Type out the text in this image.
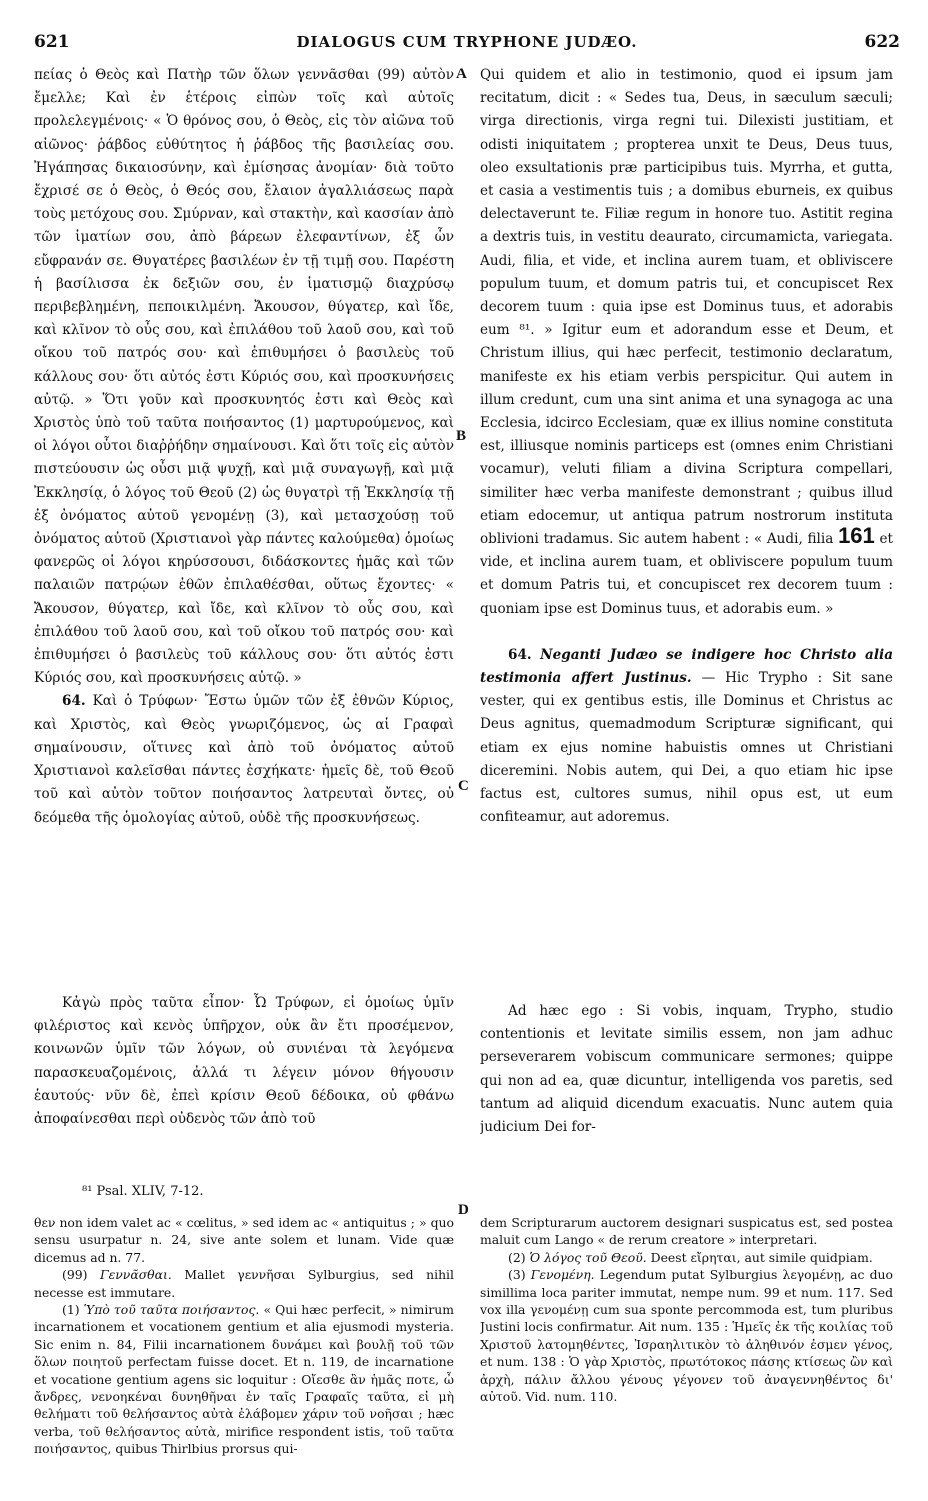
621	DIALOGUS CUM TRYPHONE JUDÆO.	622
A
B
C
D

πείας ὁ Θεὸς καὶ Πατὴρ τῶν ὅλων γεννᾶσθαι (99) αὐτὸν ἔμελλε; Καὶ ἐν ἑτέροις εἰπὼν τοῖς καὶ αὐτοῖς προλελεγμένοις· « Ὁ θρόνος σου, ὁ Θεὸς, εἰς τὸν αἰῶνα τοῦ αἰῶνος· ῥάβδος εὐθύτητος ἡ ῥάβδος τῆς βασιλείας σου. Ἠγάπησας δικαιοσύνην, καὶ ἐμίσησας ἀνομίαν· διὰ τοῦτο ἔχρισέ σε ὁ Θεὸς, ὁ Θεός σου, ἔλαιον ἀγαλλιάσεως παρὰ τοὺς μετόχους σου. Σμύρναν, καὶ στακτὴν, καὶ κασσίαν ἀπὸ τῶν ἱματίων σου, ἀπὸ βάρεων ἐλεφαντίνων, ἐξ ὧν εὔφρανάν σε. Θυγατέρες βασιλέων ἐν τῇ τιμῇ σου. Παρέστη ἡ βασίλισσα ἐκ δεξιῶν σου, ἐν ἱματισμῷ διαχρύσῳ περιβεβλημένη, πεποικιλμένη. Ἄκουσον, θύγατερ, καὶ ἴδε, καὶ κλῖνον τὸ οὖς σου, καὶ ἐπιλάθου τοῦ λαοῦ σου, καὶ τοῦ οἴκου τοῦ πατρός σου· καὶ ἐπιθυμήσει ὁ βασιλεὺς τοῦ κάλλους σου· ὅτι αὐτός ἐστι Κύριός σου, καὶ προσκυνήσεις αὐτῷ. » Ὅτι γοῦν καὶ προσκυνητός ἐστι καὶ Θεὸς καὶ Χριστὸς ὑπὸ τοῦ ταῦτα ποιήσαντος (1) μαρτυρούμενος, καὶ οἱ λόγοι οὗτοι διαῤῥήδην σημαίνουσι. Καὶ ὅτι τοῖς εἰς αὐτὸν πιστεύουσιν ὡς οὖσι μιᾷ ψυχῇ, καὶ μιᾷ συναγωγῇ, καὶ μιᾷ Ἐκκλησίᾳ, ὁ λόγος τοῦ Θεοῦ (2) ὡς θυγατρὶ τῇ Ἐκκλησίᾳ τῇ ἐξ ὀνόματος αὐτοῦ γενομένῃ (3), καὶ μετασχούσῃ τοῦ ὀνόματος αὐτοῦ (Χριστιανοὶ γὰρ πάντες καλούμεθα) ὁμοίως φανερῶς οἱ λόγοι κηρύσσουσι, διδάσκοντες ἡμᾶς καὶ τῶν παλαιῶν πατρῴων ἐθῶν ἐπιλαθέσθαι, οὕτως ἔχοντες· « Ἄκουσον, θύγατερ, καὶ ἴδε, καὶ κλῖνον τὸ οὖς σου, καὶ ἐπιλάθου τοῦ λαοῦ σου, καὶ τοῦ οἴκου τοῦ πατρός σου· καὶ ἐπιθυμήσει ὁ βασιλεὺς τοῦ κάλλους σου· ὅτι αὐτός ἐστι Κύριός σου, καὶ προσκυνήσεις αὐτῷ. »

64. Καὶ ὁ Τρύφων· Ἔστω ὑμῶν τῶν ἐξ ἐθνῶν Κύριος, καὶ Χριστὸς, καὶ Θεὸς γνωριζόμενος, ὡς αἱ Γραφαὶ σημαίνουσιν, οἵτινες καὶ ἀπὸ τοῦ ὀνόματος αὐτοῦ Χριστιανοὶ καλεῖσθαι πάντες ἐσχήκατε· ἡμεῖς δὲ, τοῦ Θεοῦ τοῦ καὶ αὐτὸν τοῦτον ποιήσαντος λατρευταὶ ὄντες, οὐ δεόμεθα τῆς ὁμολογίας αὐτοῦ, οὐδὲ τῆς προσκυνήσεως.

Qui quidem et alio in testimonio, quod ei ipsum jam recitatum, dicit : « Sedes tua, Deus, in sæculum sæculi; virga directionis, virga regni tui. Dilexisti justitiam, et odisti iniquitatem ; propterea unxit te Deus, Deus tuus, oleo exsultationis præ participibus tuis. Myrrha, et gutta, et casia a vestimentis tuis ; a domibus eburneis, ex quibus delectaverunt te. Filiæ regum in honore tuo. Astitit regina a dextris tuis, in vestitu deaurato, circumamicta, variegata. Audi, filia, et vide, et inclina aurem tuam, et obliviscere populum tuum, et domum patris tui, et concupiscet Rex decorem tuum : quia ipse est Dominus tuus, et adorabis eum ⁸¹. » Igitur eum et adorandum esse et Deum, et Christum illius, qui hæc perfecit, testimonio declaratum, manifeste ex his etiam verbis perspicitur. Qui autem in illum credunt, cum una sint anima et una synagoga ac una Ecclesia, idcirco Ecclesiam, quæ ex illius nomine constituta est, illiusque nominis particeps est (omnes enim Christiani vocamur), veluti filiam a divina Scriptura compellari, similiter hæc verba manifeste demonstrant ; quibus illud etiam edocemur, ut antiqua patrum nostrorum instituta oblivioni tradamus. Sic autem habent : « Audi, filia 161 et vide, et inclina aurem tuam, et obliviscere populum tuum et domum Patris tui, et concupiscet rex decorem tuum : quoniam ipse est Dominus tuus, et adorabis eum. »

64. Neganti Judæo se indigere hoc Christo alia testimonia affert Justinus. — Hic Trypho : Sit sane vester, qui ex gentibus estis, ille Dominus et Christus ac Deus agnitus, quemadmodum Scripturæ significant, qui etiam ex ejus nomine habuistis omnes ut Christiani diceremini. Nobis autem, qui Dei, a quo etiam hic ipse factus est, cultores sumus, nihil opus est, ut eum confiteamur, aut adoremus.

Κἀγὼ πρὸς ταῦτα εἶπον· Ὦ Τρύφων, εἰ ὁμοίως ὑμῖν φιλέριστος καὶ κενὸς ὑπῆρχον, οὐκ ἂν ἔτι προσέμενον, κοινωνῶν ὑμῖν τῶν λόγων, οὐ συνιέναι τὰ λεγόμενα παρασκευαζομένοις, ἀλλά τι λέγειν μόνον θήγουσιν ἑαυτούς· νῦν δὲ, ἐπεὶ κρίσιν Θεοῦ δέδοικα, οὐ φθάνω ἀποφαίνεσθαι περὶ οὐδενὸς τῶν ἀπὸ τοῦ

Ad hæc ego : Si vobis, inquam, Trypho, studio contentionis et levitate similis essem, non jam adhuc perseverarem vobiscum communicare sermones; quippe qui non ad ea, quæ dicuntur, intelligenda vos paretis, sed tantum ad aliquid dicendum exacuatis. Nunc autem quia judicium Dei for-

⁸¹ Psal. XLIV, 7-12.

θεν non idem valet ac « cœlitus, » sed idem ac « antiquitus ; » quo sensu usurpatur n. 24, sive ante solem et lunam. Vide quæ dicemus ad n. 77.

(99) Γεννᾶσθαι. Mallet γεννῆσαι Sylburgius, sed nihil necesse est immutare.

(1) Ὑπὸ τοῦ ταῦτα ποιήσαντος. « Qui hæc perfecit, » nimirum incarnationem et vocationem gentium et alia ejusmodi mysteria. Sic enim n. 84, Filii incarnationem δυνάμει καὶ βουλῇ τοῦ τῶν ὅλων ποιητοῦ perfectam fuisse docet. Et n. 119, de incarnatione et vocatione gentium agens sic loquitur : Οἴεσθε ἂν ἡμᾶς ποτε, ὦ ἄνδρες, νενοηκέναι δυνηθῆναι ἐν ταῖς Γραφαῖς ταῦτα, εἰ μὴ θελήματι τοῦ θελήσαντος αὐτὰ ἐλάβομεν χάριν τοῦ νοῆσαι ; hæc verba, τοῦ θελήσαντος αὐτὰ, mirifice respondent istis, τοῦ ταῦτα ποιήσαντος, quibus Thirlbius prorsus qui-

dem Scripturarum auctorem designari suspicatus est, sed postea maluit cum Lango « de rerum creatore » interpretari.

(2) Ὁ λόγος τοῦ Θεοῦ. Deest εἴρηται, aut simile quidpiam.

(3) Γενομένη. Legendum putat Sylburgius λεγομένῃ, ac duo simillima loca pariter immutat, nempe num. 99 et num. 117. Sed vox illa γενομένῃ cum sua sponte percommoda est, tum pluribus Justini locis confirmatur. Ait num. 135 : Ἡμεῖς ἐκ τῆς κοιλίας τοῦ Χριστοῦ λατομηθέντες, Ἰσραηλιτικὸν τὸ ἀληθινόν ἐσμεν γένος, et num. 138 : Ὁ γὰρ Χριστὸς, πρωτότοκος πάσης κτίσεως ὢν καὶ ἀρχὴ, πάλιν ἄλλου γένους γέγονεν τοῦ ἀναγεννηθέντος δι' αὐτοῦ. Vid. num. 110.
